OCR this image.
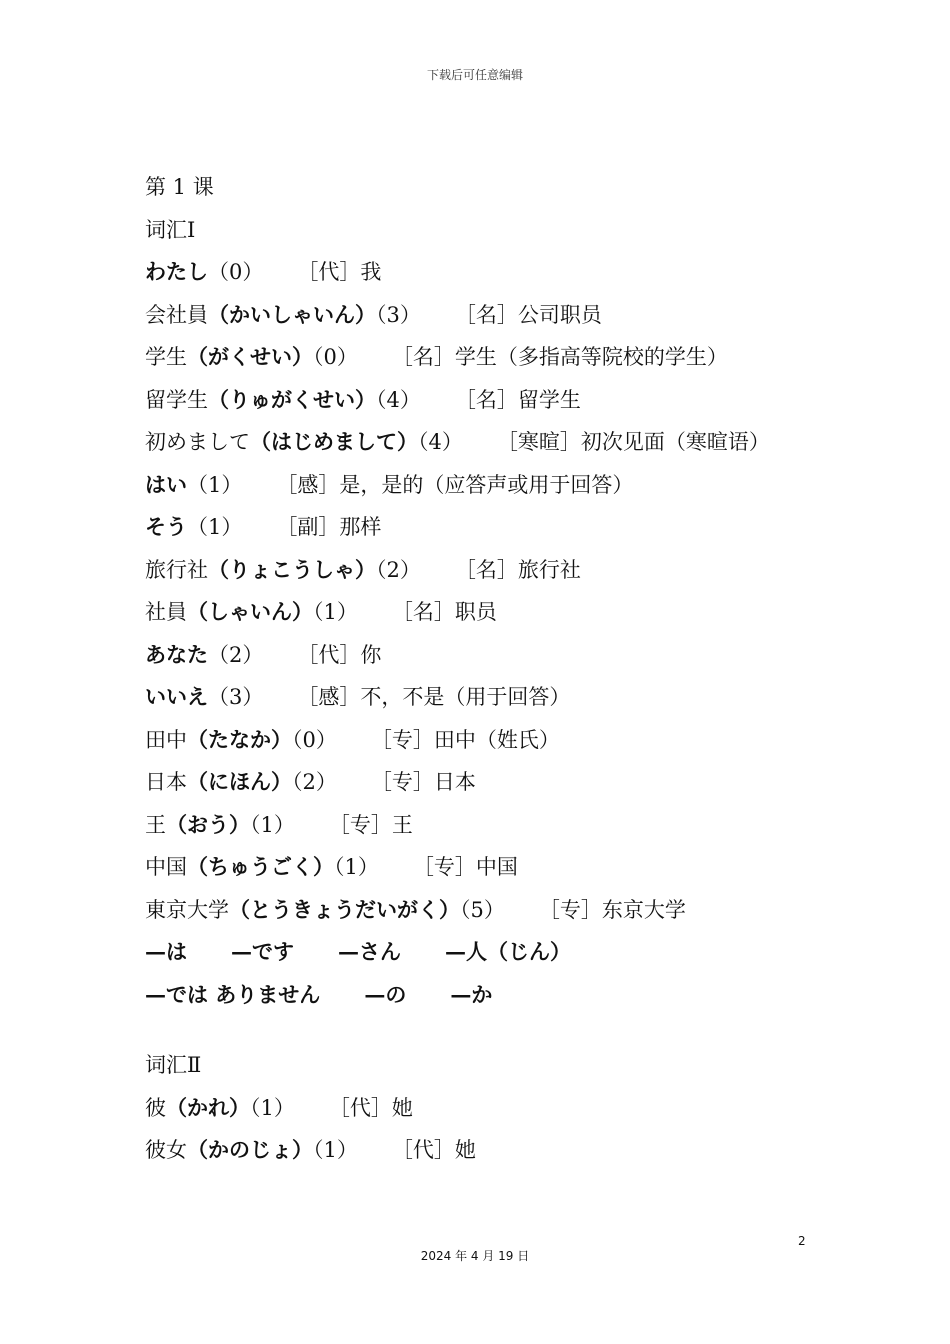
下载后可任意编辑
第 1 课
词汇Ⅰ
わたし（0） ［代］我
会社員（かいしゃいん）（3） ［名］公司职员
学生（がくせい）（0） ［名］学生（多指高等院校的学生）
留学生（りゅがくせい）（4） ［名］留学生
初めまして（はじめまして）（4） ［寒暄］初次见面（寒暄语）
はい（1） ［感］是，是的（应答声或用于回答）
そう（1） ［副］那样
旅行社（りょこうしゃ）（2） ［名］旅行社
社員（しゃいん）（1） ［名］职员
あなた（2） ［代］你
いいえ（3） ［感］不，不是（用于回答）
田中（たなか）（0） ［专］田中（姓氏）
日本（にほん）（2） ［专］日本
王（おう）（1） ［专］王
中国（ちゅうごく）（1） ［专］中国
東京大学（とうきょうだいがく）（5） ［专］东京大学
—は —です —さん —人（じん）
—では ありません —の —か
词汇Ⅱ
彼（かれ）（1） ［代］她
彼女（かのじょ）（1） ［代］她
2
2024 年 4 月 19 日
